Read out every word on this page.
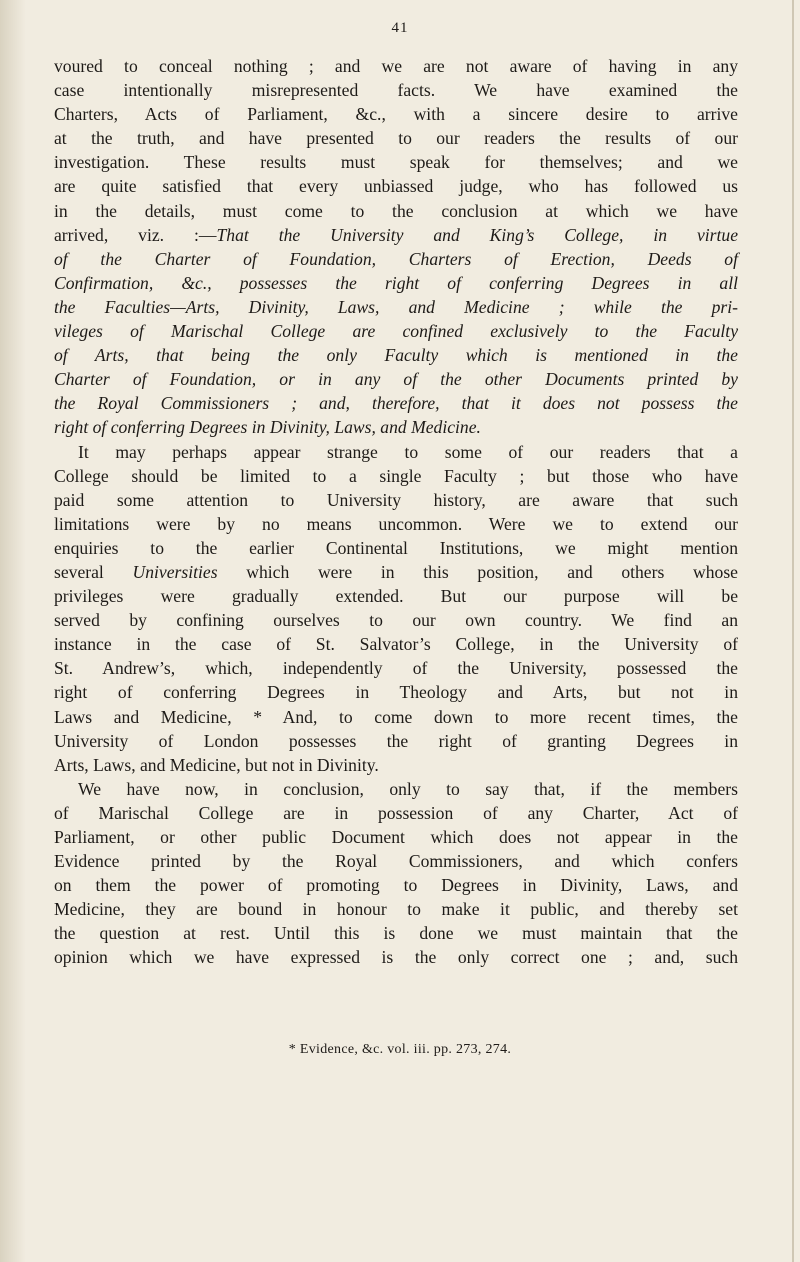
41
voured to conceal nothing ; and we are not aware of having in any
case intentionally misrepresented facts. We have examined the
Charters, Acts of Parliament, &c., with a sincere desire to arrive
at the truth, and have presented to our readers the results of our
investigation. These results must speak for themselves; and we
are quite satisfied that every unbiassed judge, who has followed us
in the details, must come to the conclusion at which we have
arrived, viz. :—That the University and King’s College, in virtue
of the Charter of Foundation, Charters of Erection, Deeds of
Confirmation, &c., possesses the right of conferring Degrees in all
the Faculties—Arts, Divinity, Laws, and Medicine ; while the pri-
vileges of Marischal College are confined exclusively to the Faculty
of Arts, that being the only Faculty which is mentioned in the
Charter of Foundation, or in any of the other Documents printed by
the Royal Commissioners ; and, therefore, that it does not possess the
right of conferring Degrees in Divinity, Laws, and Medicine.
It may perhaps appear strange to some of our readers that a
College should be limited to a single Faculty ; but those who have
paid some attention to University history, are aware that such
limitations were by no means uncommon. Were we to extend our
enquiries to the earlier Continental Institutions, we might mention
several Universities which were in this position, and others whose
privileges were gradually extended. But our purpose will be
served by confining ourselves to our own country. We find an
instance in the case of St. Salvator’s College, in the University of
St. Andrew’s, which, independently of the University, possessed the
right of conferring Degrees in Theology and Arts, but not in
Laws and Medicine, * And, to come down to more recent times, the
University of London possesses the right of granting Degrees in
Arts, Laws, and Medicine, but not in Divinity.
We have now, in conclusion, only to say that, if the members
of Marischal College are in possession of any Charter, Act of
Parliament, or other public Document which does not appear in the
Evidence printed by the Royal Commissioners, and which confers
on them the power of promoting to Degrees in Divinity, Laws, and
Medicine, they are bound in honour to make it public, and thereby set
the question at rest. Until this is done we must maintain that the
opinion which we have expressed is the only correct one ; and, such
* Evidence, &c. vol. iii. pp. 273, 274.
